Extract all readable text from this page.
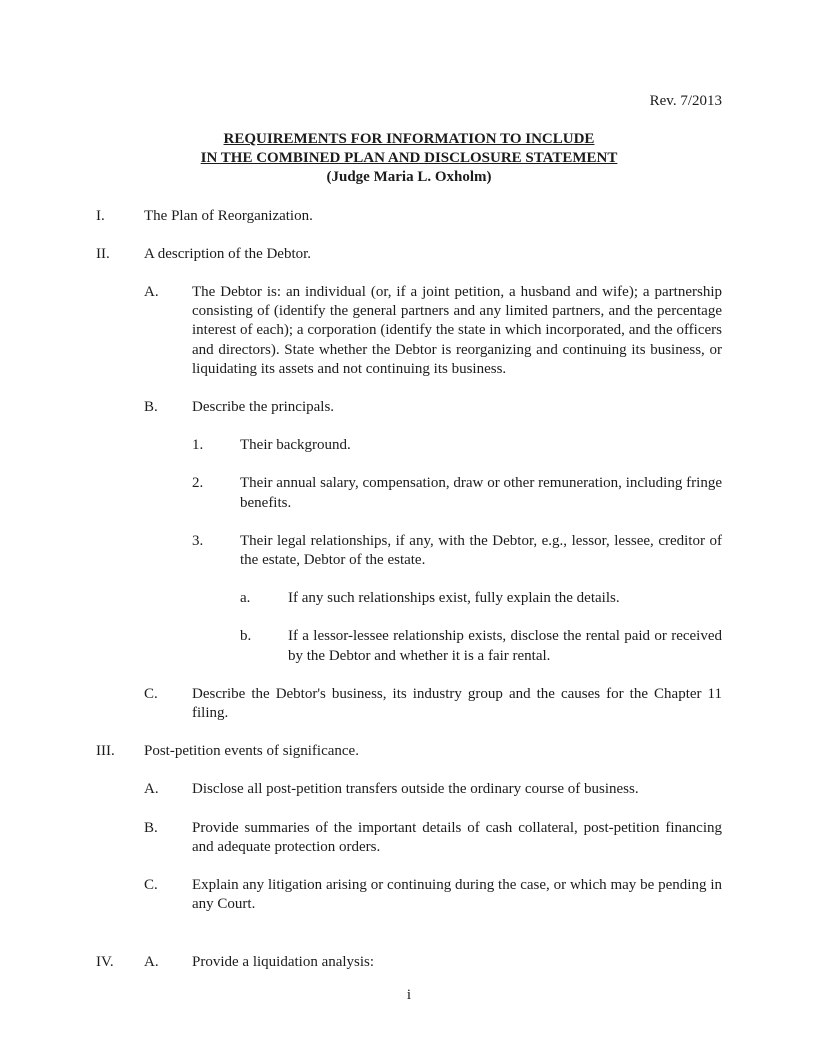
Rev. 7/2013
REQUIREMENTS FOR INFORMATION TO INCLUDE
IN THE COMBINED PLAN AND DISCLOSURE STATEMENT
(Judge Maria L. Oxholm)
I.	The Plan of Reorganization.
II.	A description of the Debtor.
A.	The Debtor is: an individual (or, if a joint petition, a husband and wife); a partnership consisting of (identify the general partners and any limited partners, and the percentage interest of each); a corporation (identify the state in which incorporated, and the officers and directors). State whether the Debtor is reorganizing and continuing its business, or liquidating its assets and not continuing its business.
B.	Describe the principals.
1.	Their background.
2.	Their annual salary, compensation, draw or other remuneration, including fringe benefits.
3.	Their legal relationships, if any, with the Debtor, e.g., lessor, lessee, creditor of the estate, Debtor of the estate.
a.	If any such relationships exist, fully explain the details.
b.	If a lessor-lessee relationship exists, disclose the rental paid or received by the Debtor and whether it is a fair rental.
C.	Describe the Debtor's business, its industry group and the causes for the Chapter 11 filing.
III.	Post-petition events of significance.
A.	Disclose all post-petition transfers outside the ordinary course of business.
B.	Provide summaries of the important details of cash collateral, post-petition financing and adequate protection orders.
C.	Explain any litigation arising or continuing during the case, or which may be pending in any Court.
IV.	A.	Provide a liquidation analysis:
i
